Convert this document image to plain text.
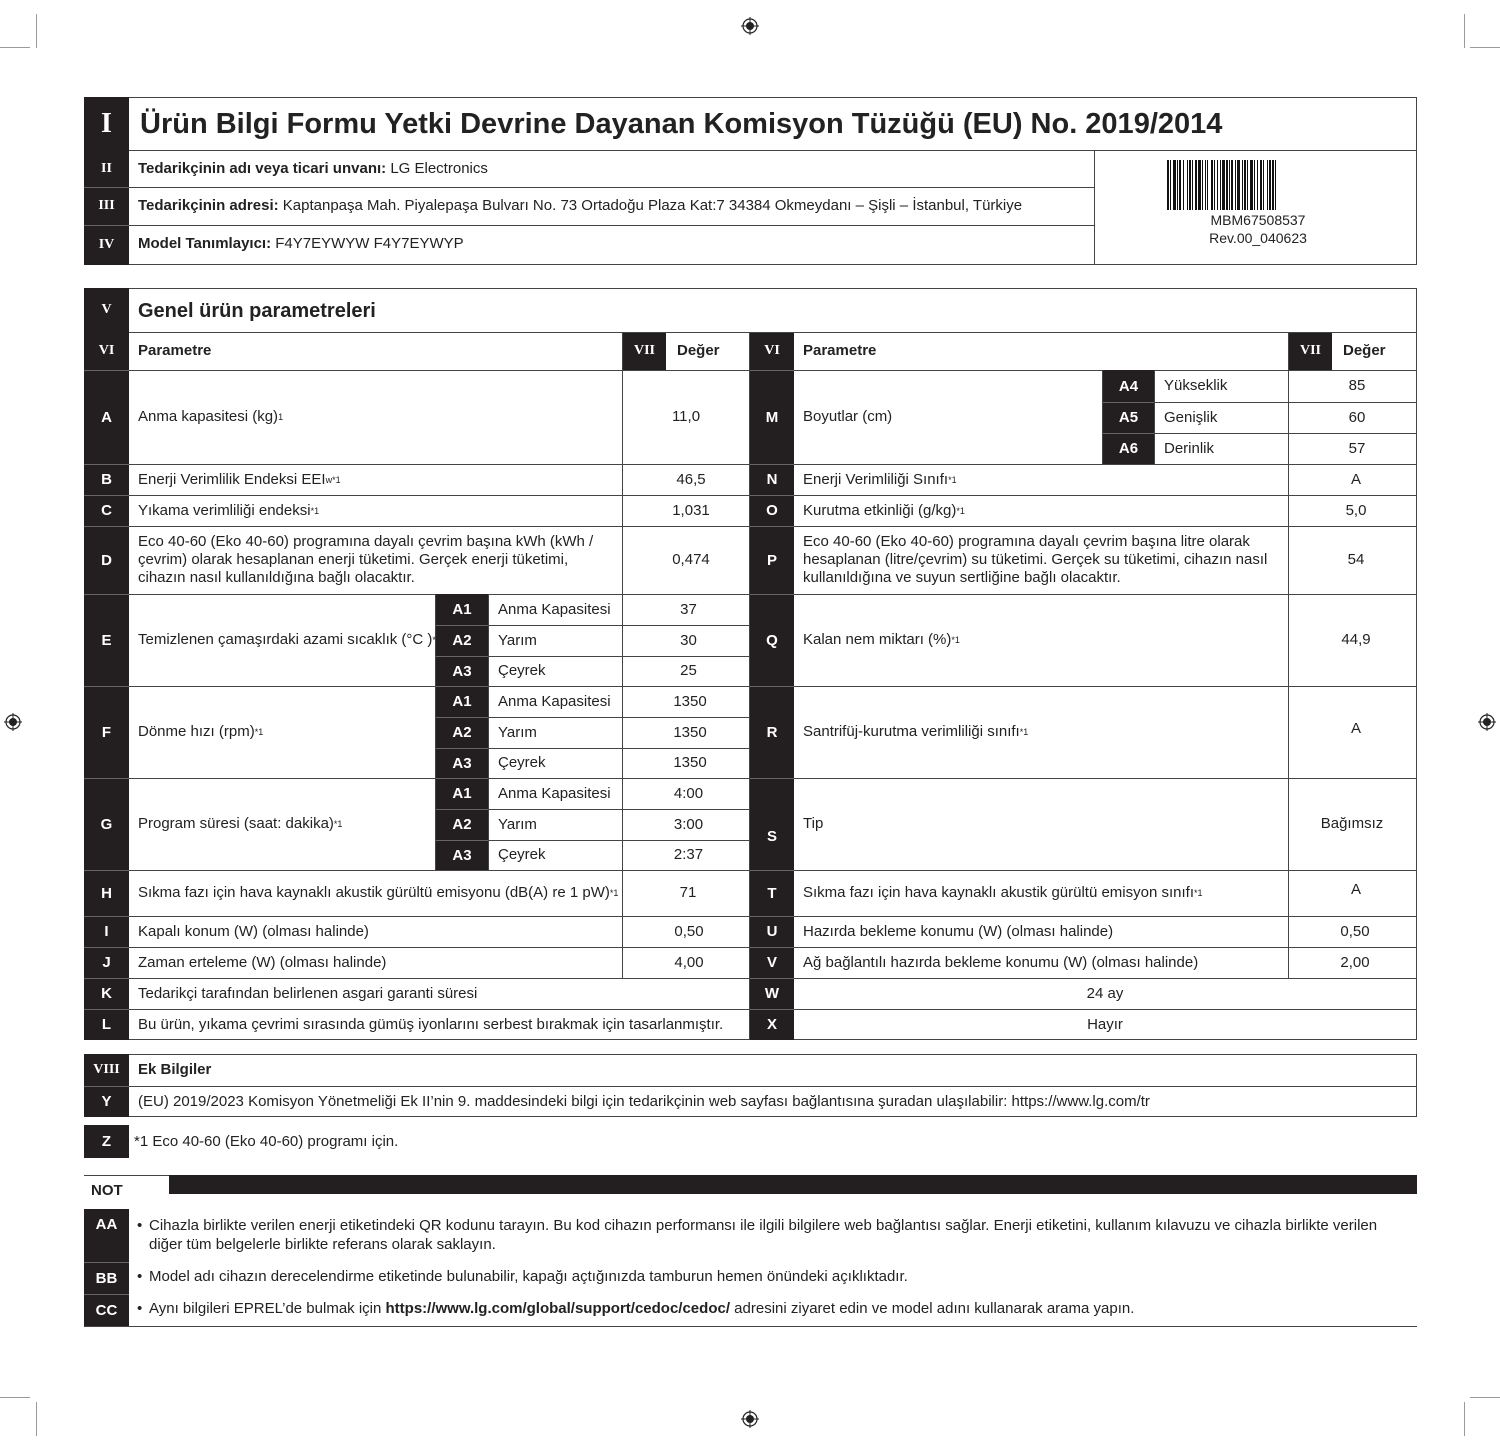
I Ürün Bilgi Formu Yetki Devrine Dayanan Komisyon Tüzüğü (EU) No. 2019/2014
II	Tedarikçinin adı veya ticari unvanı:
LG Electronics
III	Tedarikçinin adresi:
Kaptanpaşa Mah. Piyalepaşa Bulvarı No. 73 Ortadoğu Plaza Kat:7 34384 Okmeydanı – Şişli – İstanbul, Türkiye
IV	Model Tanımlayıcı:
F4Y7EYWYW F4Y7EYWYP
MBM67508537
Rev.00_040623
V	Genel ürün parametreleri
VI	Parametre	VII	Değer	VI	Parametre	VII	Değer
A	Anma kapasitesi (kg) 1	11,0
B	Enerji Verimlilik Endeksi EEI w *1	46,5
C	Yıkama verimliliği endeksi *1	1,031
D
Eco 40-60 (Eko 40-60) programına dayalı çevrim başına kWh (kWh / çevrim) olarak hesaplanan enerji tüketimi. Gerçek enerji tüketimi, cihazın nasıl kullanıldığına bağlı olacaktır.
0,474
E	Temizlenen çamaşırdaki azami sıcaklık (°C ) *1
A1	Anma Kapasitesi	37
A2	Yarım	30
A3	Çeyrek	25
F	Dönme hızı (rpm) *1
A1	Anma Kapasitesi	1350
A2	Yarım	1350
A3	Çeyrek	1350
G	Program süresi (saat: dakika) *1
A1	Anma Kapasitesi	4:00
A2	Yarım	3:00
A3	Çeyrek	2:37
H	Sıkma fazı için hava kaynaklı akustik gürültü emisyonu (dB(A) re 1 pW) *1	71
I	Kapalı konum (W) (olması halinde)	0,50
J	Zaman erteleme (W) (olması halinde)	4,00
K	Tedarikçi tarafından belirlenen asgari garanti süresi
L	Bu ürün, yıkama çevrimi sırasında gümüş iyonlarını serbest bırakmak için tasarlanmıştır.
M	Boyutlar (cm)
A4	Yükseklik	85
A5	Genişlik	60
A6	Derinlik	57
N	Enerji Verimliliği Sınıfı *1	A
O	Kurutma etkinliği (g/kg) *1	5,0
P
Eco 40-60 (Eko 40-60) programına dayalı çevrim başına litre olarak hesaplanan (litre/çevrim) su tüketimi. Gerçek su tüketimi, cihazın nasıl kullanıldığına ve suyun sertliğine bağlı olacaktır.
54
Q	Kalan nem miktarı (%) *1	44,9
R	Santrifüj-kurutma verimliliği sınıfı *1	A
S
Tip	Bağımsız
T	Sıkma fazı için hava kaynaklı akustik gürültü emisyon sınıfı *1	A
U	Hazırda bekleme konumu (W) (olması halinde)	0,50
V	Ağ bağlantılı hazırda bekleme konumu (W) (olması halinde)	2,00
W	24 ay
X	Hayır
VIII	Ek Bilgiler
Y	(EU) 2019/2023 Komisyon Yönetmeliği Ek II’nin 9. maddesindeki bilgi için tedarikçinin web sayfası bağlantısına şuradan ulaşılabilir: https://www.lg.com/tr
Z	*1 Eco 40-60 (Eko 40-60) programı için.
NOT
AA	• Cihazla birlikte verilen enerji etiketindeki QR kodunu tarayın. Bu kod cihazın performansı ile ilgili bilgilere web bağlantısı sağlar. Enerji etiketini, kullanım kılavuzu ve cihazla birlikte verilen diğer tüm belgelerle birlikte referans olarak saklayın.
BB	• Model adı cihazın derecelendirme etiketinde bulunabilir, kapağı açtığınızda tamburun hemen önündeki açıklıktadır.
CC	• Aynı bilgileri EPREL’de bulmak için https://www.lg.com/global/support/cedoc/cedoc/ adresini ziyaret edin ve model adını kullanarak arama yapın.
